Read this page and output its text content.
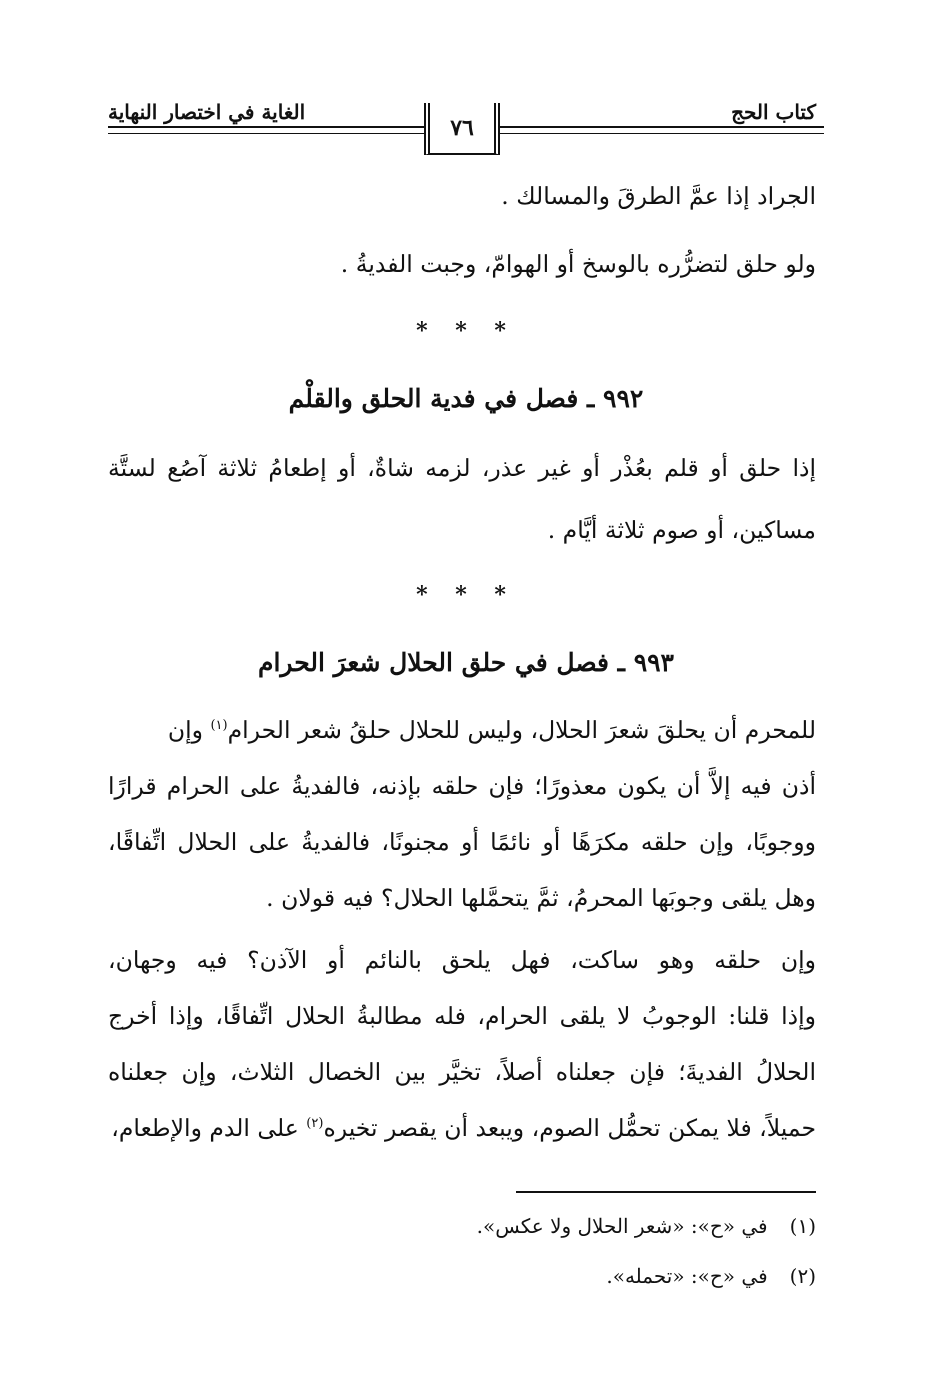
كتاب الحج
الغاية في اختصار النهاية
٧٦
الجراد إذا عمَّ الطرقَ والمسالك .
ولو حلق لتضرُّره بالوسخ أو الهوامّ، وجبت الفديةُ .
* * *
٩٩٢ ـ فصل في فدية الحلق والقلْم
إذا حلق أو قلم بعُذْر أو غير عذر، لزمه شاةٌ، أو إطعامُ ثلاثة آصُع لستَّة
مساكين، أو صوم ثلاثة أيَّام .
* * *
٩٩٣ ـ فصل في حلق الحلال شعرَ الحرام
للمحرم أن يحلقَ شعرَ الحلال، وليس للحلال حلقُ شعر الحرام$^{(١)}$ وإن
أذن فيه إلاَّ أن يكون معذورًا؛ فإن حلقه بإذنه، فالفديةُ على الحرام قرارًا
ووجوبًا، وإن حلقه مكرَهًا أو نائمًا أو مجنونًا، فالفديةُ على الحلال اتِّفاقًا،
وهل يلقى وجوبَها المحرمُ، ثمَّ يتحمَّلها الحلال؟ فيه قولان .
وإن حلقه وهو ساكت، فهل يلحق بالنائم أو الآذن؟ فيه وجهان،
وإذا قلنا: الوجوبُ لا يلقى الحرام، فله مطالبةُ الحلال اتِّفاقًا، وإذا أخرج
الحلالُ الفديةَ؛ فإن جعلناه أصلاً، تخيَّر بين الخصال الثلاث، وإن جعلناه
حميلاً، فلا يمكن تحمُّل الصوم، ويبعد أن يقصر تخيره$^{(٢)}$ على الدم والإطعام،
(١)في «ح»: «شعر الحلال ولا عكس».
(٢)في «ح»: «تحمله».
